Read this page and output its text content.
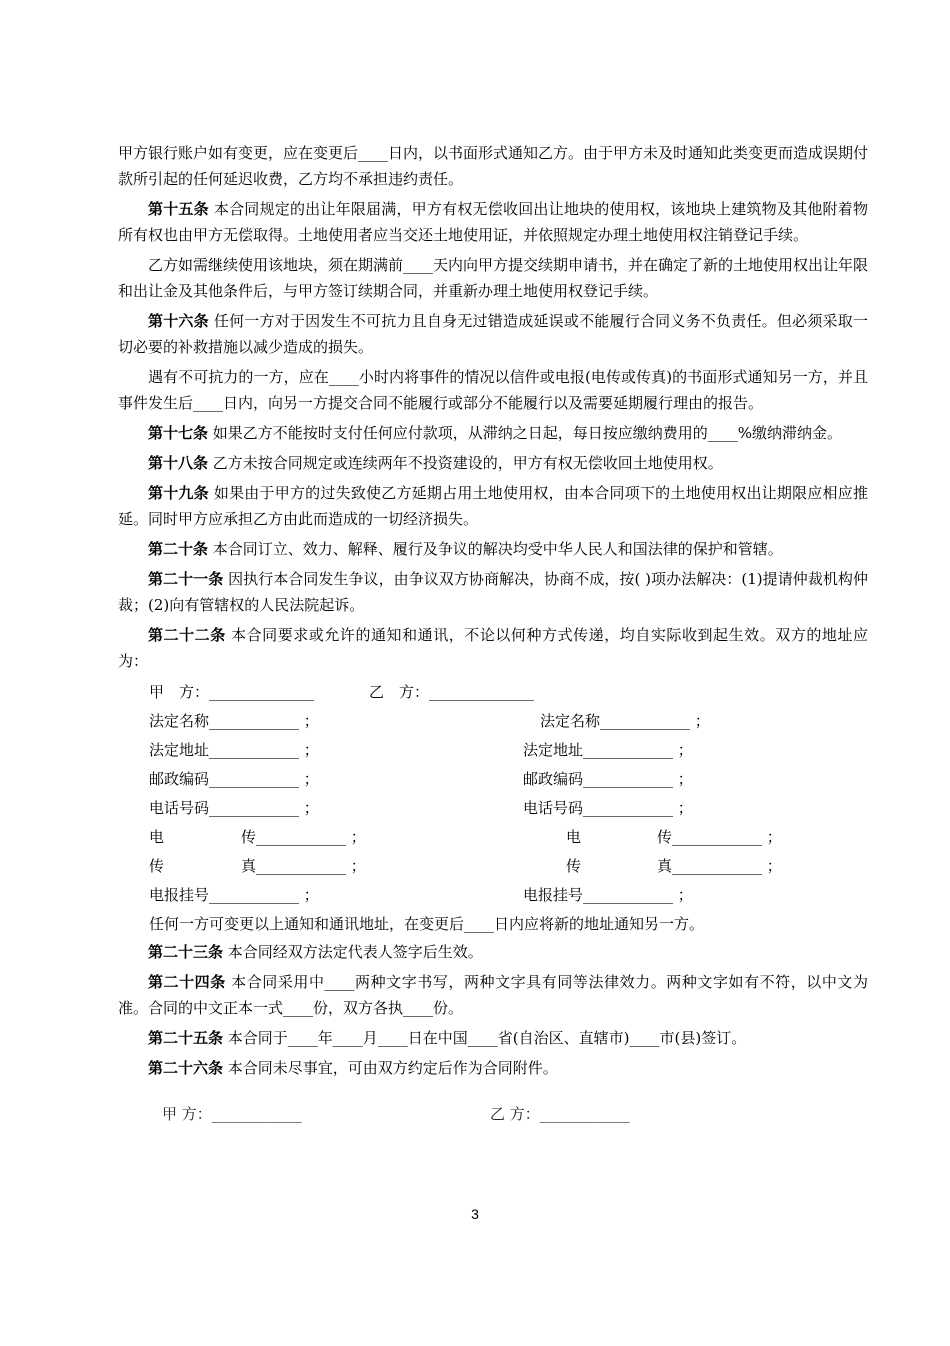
甲方银行账户如有变更，应在变更后____日内，以书面形式通知乙方。由于甲方未及时通知此类变更而造成误期付款所引起的任何延迟收费，乙方均不承担违约责任。

第十五条 本合同规定的出让年限届满，甲方有权无偿收回出让地块的使用权，该地块上建筑物及其他附着物所有权也由甲方无偿取得。土地使用者应当交还土地使用证，并依照规定办理土地使用权注销登记手续。

乙方如需继续使用该地块，须在期满前____天内向甲方提交续期申请书，并在确定了新的土地使用权出让年限和出让金及其他条件后，与甲方签订续期合同，并重新办理土地使用权登记手续。

第十六条 任何一方对于因发生不可抗力且自身无过错造成延误或不能履行合同义务不负责任。但必须采取一切必要的补救措施以减少造成的损失。

遇有不可抗力的一方，应在____小时内将事件的情况以信件或电报(电传或传真)的书面形式通知另一方，并且事件发生后____日内，向另一方提交合同不能履行或部分不能履行以及需要延期履行理由的报告。

第十七条 如果乙方不能按时支付任何应付款项，从滞纳之日起，每日按应缴纳费用的____%缴纳滞纳金。

第十八条 乙方未按合同规定或连续两年不投资建设的，甲方有权无偿收回土地使用权。

第十九条 如果由于甲方的过失致使乙方延期占用土地使用权，由本合同项下的土地使用权出让期限应相应推延。同时甲方应承担乙方由此而造成的一切经济损失。

第二十条 本合同订立、效力、解释、履行及争议的解决均受中华人民人和国法律的保护和管辖。

第二十一条 因执行本合同发生争议，由争议双方协商解决，协商不成，按( )项办法解决：(1)提请仲裁机构仲裁；(2)向有管辖权的人民法院起诉。

第二十二条 本合同要求或允许的通知和通讯，不论以何种方式传递，均自实际收到起生效。双方的地址应为：

甲　方：______________	乙　方：______________
法定名称____________ ；	法定名称____________ ；
法定地址____________ ；	法定地址____________ ；
邮政编码____________ ；	邮政编码____________ ；
电话号码____________ ；	电话号码____________ ；
电	传____________ ；	电	传____________ ；
传	真____________ ；	传	真____________ ；
电报挂号____________ ；	电报挂号____________ ；
任何一方可变更以上通知和通讯地址，在变更后____日内应将新的地址通知另一方。

第二十三条 本合同经双方法定代表人签字后生效。

第二十四条 本合同采用中____两种文字书写，两种文字具有同等法律效力。两种文字如有不符，以中文为准。合同的中文正本一式____份，双方各执____份。

第二十五条 本合同于____年____月____日在中国____省(自治区、直辖市)____市(县)签订。

第二十六条 本合同未尽事宜，可由双方约定后作为合同附件。

甲 方：____________	乙 方：____________
3
